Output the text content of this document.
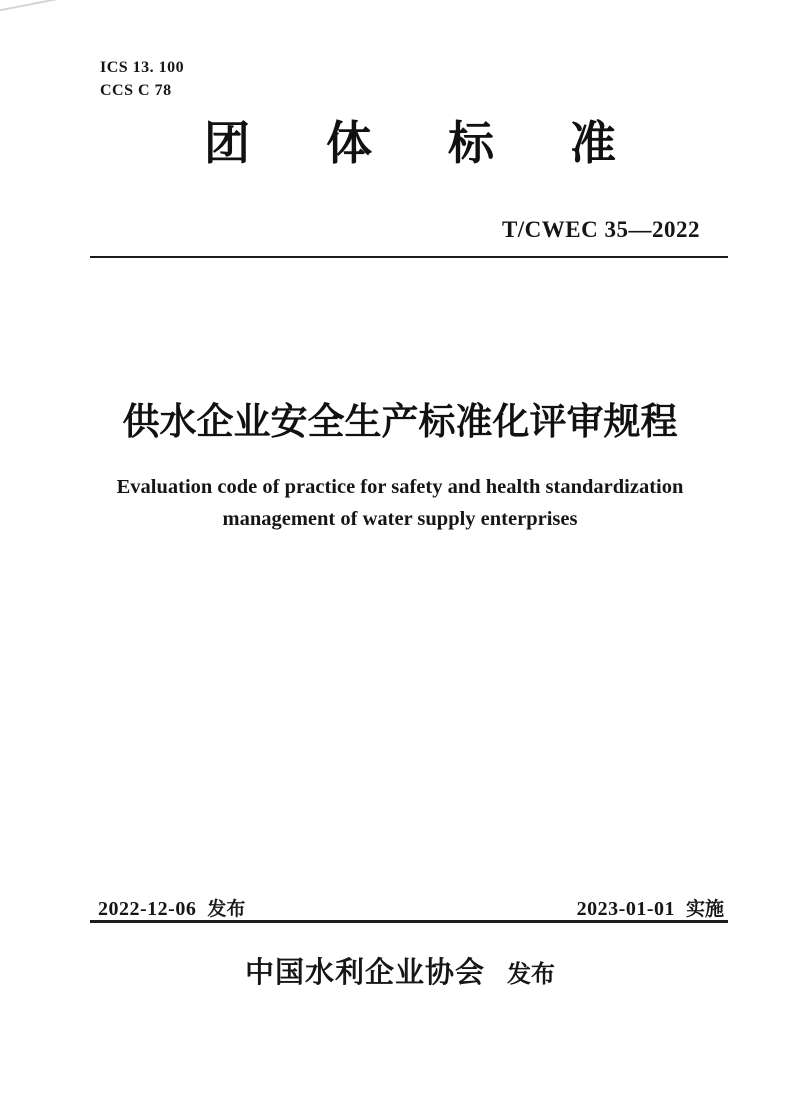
ICS 13. 100
CCS C 78
团 体 标 准
T/CWEC 35—2022
供水企业安全生产标准化评审规程
Evaluation code of practice for safety and health standardization
management of water supply enterprises
2022-12-06 发布	2023-01-01 实施
中国水利企业协会 发布
